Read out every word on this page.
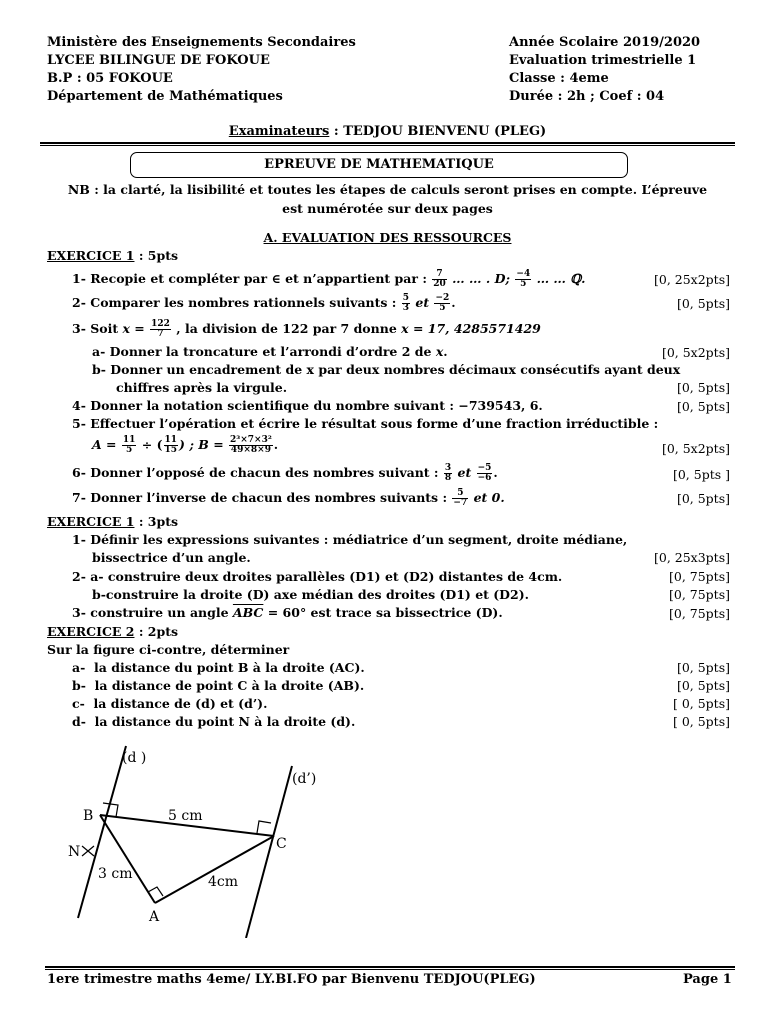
Ministère des Enseignements Secondaires
LYCEE BILINGUE DE FOKOUE
B.P : 05 FOKOUE
Département de Mathématiques
Année Scolaire 2019/2020
Evaluation trimestrielle 1
Classe : 4eme
Durée : 2h ; Coef : 04
Examinateurs : TEDJOU BIENVENU (PLEG)
EPREUVE DE MATHEMATIQUE
NB : la clarté, la lisibilité et toutes les étapes de calculs seront prises en compte. L’épreuve
est numérotée sur deux pages
A. EVALUATION DES RESSOURCES
EXERCICE 1 : 5pts
1- Recopie et compléter par ∈ et n’appartient par : $\frac{7}{20}$ … … . D; $\frac{-4}{5}$ … … ℚ.	[0, 25x2pts]
2- Comparer les nombres rationnels suivants : $\frac{5}{3}$ et $\frac{-2}{5}$ .	[0, 5pts]
3- Soit $x = \frac{122}{7}$ , la division de 122 par 7 donne x = 17, 4285571429
a- Donner la troncature et l’arrondi d’ordre 2 de x.	[0, 5x2pts]
b- Donner un encadrement de x par deux nombres décimaux consécutifs ayant deux
chiffres après la virgule.	[0, 5pts]
4- Donner la notation scientifique du nombre suivant : −739543, 6.	[0, 5pts]
5- Effectuer l’opération et écrire le résultat sous forme d’une fraction irréductible :
$A = \frac{11}{5}$ ÷ ( $\frac{11}{15}$ ) ; $B = \frac{\text{2³×7×3²}}{49\times 8\times 9}$ .	[0, 5x2pts]
6- Donner l’opposé de chacun des nombres suivant : $\frac{3}{8}$ et $\frac{-5}{-6}$ .	[0, 5pts ]
7- Donner l’inverse de chacun des nombres suivants : $\frac{5}{-7}$ et 0.	[0, 5pts]
EXERCICE 1 : 3pts
1- Définir les expressions suivantes : médiatrice d’un segment, droite médiane,
bissectrice d’un angle.	[0, 25x3pts]
2- a- construire deux droites parallèles (D1) et (D2) distantes de 4cm.	[0, 75pts]
b-construire la droite (D) axe médian des droites (D1) et (D2).	[0, 75pts]
3- construire un angle $\overline{ABC} = 60^\circ$ est trace sa bissectrice (D).	[0, 75pts]
EXERCICE 2 : 2pts
Sur la figure ci-contre, déterminer
a- la distance du point B à la droite (AC).	[0, 5pts]
b- la distance de point C à la droite (AB).	[0, 5pts]
c- la distance de (d) et (d’).	[ 0, 5pts]
d- la distance du point N à la droite (d).	[ 0, 5pts]
(d )
(d’)
B
C
A
N
5 cm
3 cm	4cm
1ere trimestre maths 4eme/ LY.BI.FO par Bienvenu TEDJOU(PLEG)	Page 1
